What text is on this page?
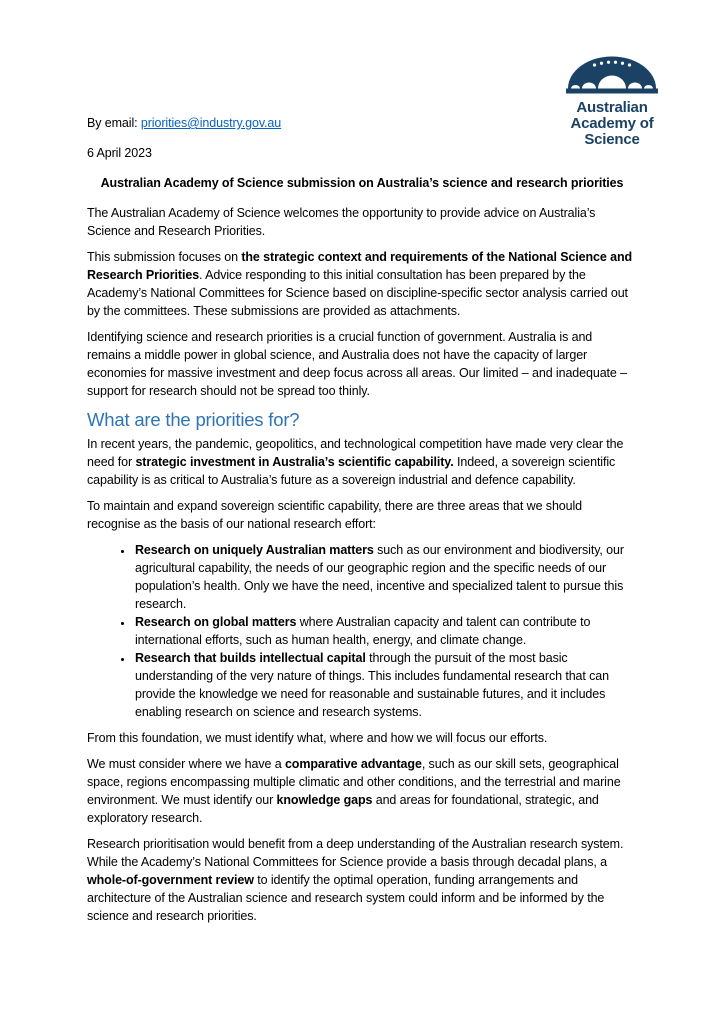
Australian
Academy of
Science

By email: priorities@industry.gov.au

6 April 2023

Australian Academy of Science submission on Australia’s science and research priorities

The Australian Academy of Science welcomes the opportunity to provide advice on Australia’s Science and Research Priorities.

This submission focuses on the strategic context and requirements of the National Science and Research Priorities. Advice responding to this initial consultation has been prepared by the Academy’s National Committees for Science based on discipline-specific sector analysis carried out by the committees. These submissions are provided as attachments.

Identifying science and research priorities is a crucial function of government. Australia is and remains a middle power in global science, and Australia does not have the capacity of larger economies for massive investment and deep focus across all areas. Our limited – and inadequate – support for research should not be spread too thinly.

What are the priorities for?

In recent years, the pandemic, geopolitics, and technological competition have made very clear the need for strategic investment in Australia’s scientific capability. Indeed, a sovereign scientific capability is as critical to Australia’s future as a sovereign industrial and defence capability.

To maintain and expand sovereign scientific capability, there are three areas that we should recognise as the basis of our national research effort:

• Research on uniquely Australian matters such as our environment and biodiversity, our agricultural capability, the needs of our geographic region and the specific needs of our population’s health. Only we have the need, incentive and specialized talent to pursue this research.
• Research on global matters where Australian capacity and talent can contribute to international efforts, such as human health, energy, and climate change.
• Research that builds intellectual capital through the pursuit of the most basic understanding of the very nature of things. This includes fundamental research that can provide the knowledge we need for reasonable and sustainable futures, and it includes enabling research on science and research systems.

From this foundation, we must identify what, where and how we will focus our efforts.

We must consider where we have a comparative advantage, such as our skill sets, geographical space, regions encompassing multiple climatic and other conditions, and the terrestrial and marine environment. We must identify our knowledge gaps and areas for foundational, strategic, and exploratory research.

Research prioritisation would benefit from a deep understanding of the Australian research system. While the Academy’s National Committees for Science provide a basis through decadal plans, a whole-of-government review to identify the optimal operation, funding arrangements and architecture of the Australian science and research system could inform and be informed by the science and research priorities.
